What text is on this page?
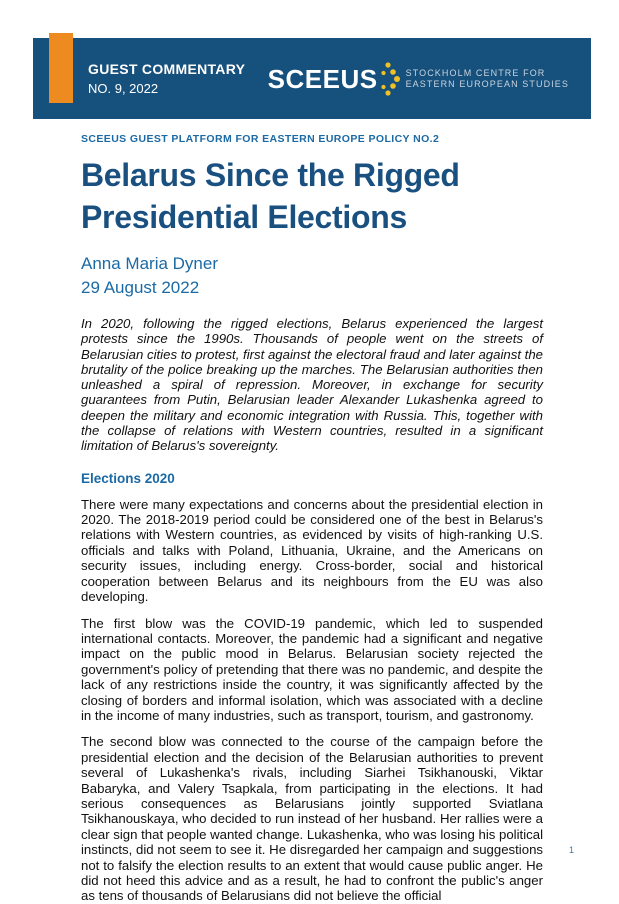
GUEST COMMENTARY
NO. 9, 2022	SCEEUS	STOCKHOLM CENTRE FOR
EASTERN EUROPEAN STUDIES
SCEEUS GUEST PLATFORM FOR EASTERN EUROPE POLICY NO.2
Belarus Since the Rigged
Presidential Elections
Anna Maria Dyner
29 August 2022
In 2020, following the rigged elections, Belarus experienced the largest protests since the 1990s. Thousands of people went on the streets of Belarusian cities to protest, first against the electoral fraud and later against the brutality of the police breaking up the marches. The Belarusian authorities then unleashed a spiral of repression. Moreover, in exchange for security guarantees from Putin, Belarusian leader Alexander Lukashenka agreed to deepen the military and economic integration with Russia. This, together with the collapse of relations with Western countries, resulted in a significant limitation of Belarus's sovereignty.
Elections 2020
There were many expectations and concerns about the presidential election in 2020. The 2018-2019 period could be considered one of the best in Belarus's relations with Western countries, as evidenced by visits of high-ranking U.S. officials and talks with Poland, Lithuania, Ukraine, and the Americans on security issues, including energy. Cross-border, social and historical cooperation between Belarus and its neighbours from the EU was also developing.
The first blow was the COVID-19 pandemic, which led to suspended international contacts. Moreover, the pandemic had a significant and negative impact on the public mood in Belarus. Belarusian society rejected the government's policy of pretending that there was no pandemic, and despite the lack of any restrictions inside the country, it was significantly affected by the closing of borders and informal isolation, which was associated with a decline in the income of many industries, such as transport, tourism, and gastronomy.
The second blow was connected to the course of the campaign before the presidential election and the decision of the Belarusian authorities to prevent several of Lukashenka's rivals, including Siarhei Tsikhanouski, Viktar Babaryka, and Valery Tsapkala, from participating in the elections. It had serious consequences as Belarusians jointly supported Sviatlana Tsikhanouskaya, who decided to run instead of her husband. Her rallies were a clear sign that people wanted change. Lukashenka, who was losing his political instincts, did not seem to see it. He disregarded her campaign and suggestions not to falsify the election results to an extent that would cause public anger. He did not heed this advice and as a result, he had to confront the public's anger as tens of thousands of Belarusians did not believe the official
1
